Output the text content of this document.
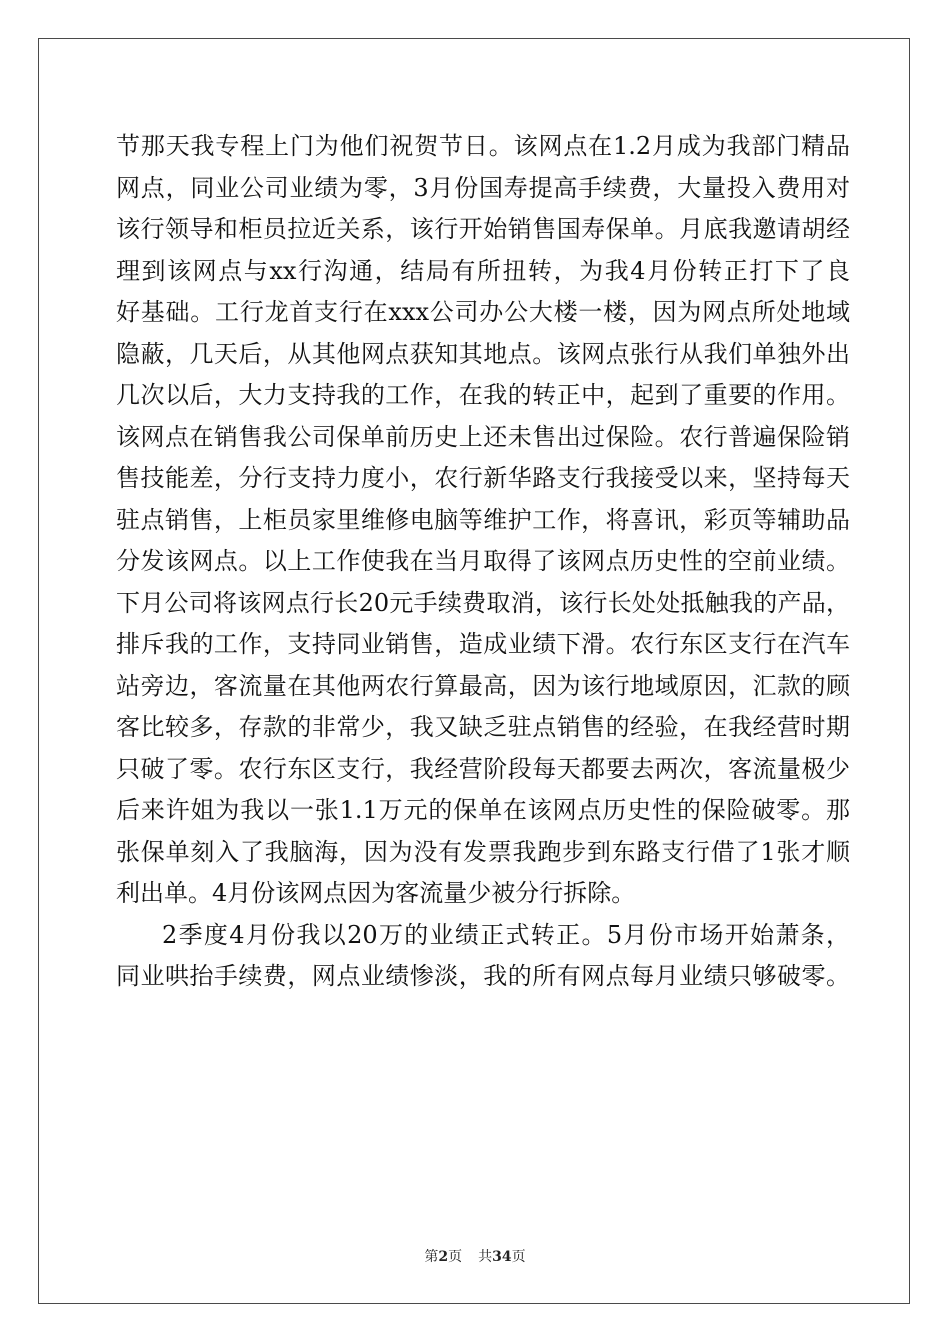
节那天我专程上门为他们祝贺节日。该网点在1.2月成为我部门精品
网点，同业公司业绩为零，3月份国寿提高手续费，大量投入费用对
该行领导和柜员拉近关系，该行开始销售国寿保单。月底我邀请胡经
理到该网点与xx行沟通，结局有所扭转，为我4月份转正打下了良
好基础。工行龙首支行在xxx公司办公大楼一楼，因为网点所处地域
隐蔽，几天后，从其他网点获知其地点。该网点张行从我们单独外出
几次以后，大力支持我的工作，在我的转正中，起到了重要的作用。
该网点在销售我公司保单前历史上还未售出过保险。农行普遍保险销
售技能差，分行支持力度小，农行新华路支行我接受以来，坚持每天
驻点销售，上柜员家里维修电脑等维护工作，将喜讯，彩页等辅助品
分发该网点。以上工作使我在当月取得了该网点历史性的空前业绩。
下月公司将该网点行长20元手续费取消，该行长处处抵触我的产品，
排斥我的工作，支持同业销售，造成业绩下滑。农行东区支行在汽车
站旁边，客流量在其他两农行算最高，因为该行地域原因，汇款的顾
客比较多，存款的非常少，我又缺乏驻点销售的经验，在我经营时期
只破了零。农行东区支行，我经营阶段每天都要去两次，客流量极少
后来许姐为我以一张1.1万元的保单在该网点历史性的保险破零。那
张保单刻入了我脑海，因为没有发票我跑步到东路支行借了1张才顺
利出单。4月份该网点因为客流量少被分行拆除。
2季度4月份我以20万的业绩正式转正。5月份市场开始萧条，
同业哄抬手续费，网点业绩惨淡，我的所有网点每月业绩只够破零。
第2页 共34页
